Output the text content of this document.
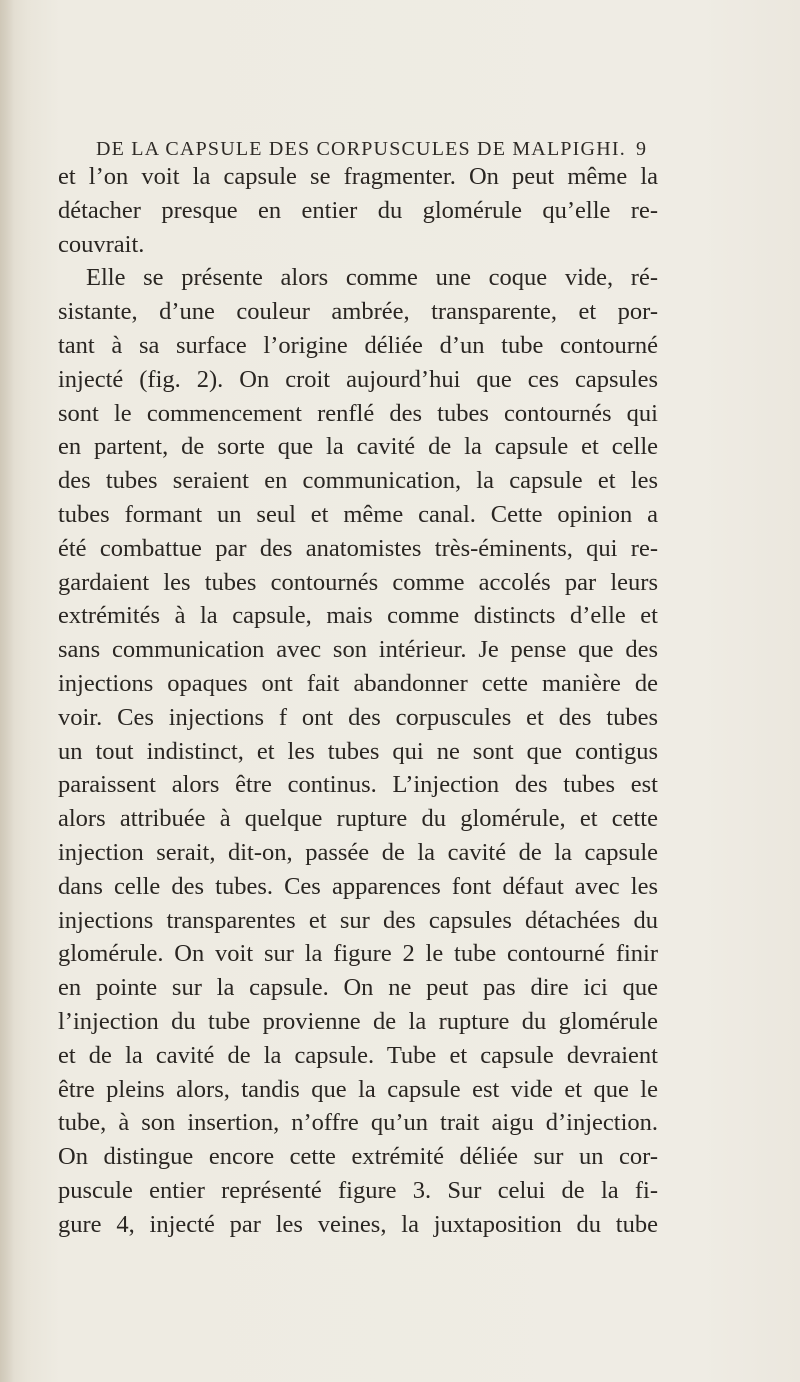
DE LA CAPSULE DES CORPUSCULES DE MALPIGHI. 9
et l’on voit la capsule se fragmenter. On peut même la
détacher presque en entier du glomérule qu’elle re-
couvrait.
Elle se présente alors comme une coque vide, ré-
sistante, d’une couleur ambrée, transparente, et por-
tant à sa surface l’origine déliée d’un tube contourné
injecté (fig. 2). On croit aujourd’hui que ces capsules
sont le commencement renflé des tubes contournés qui
en partent, de sorte que la cavité de la capsule et celle
des tubes seraient en communication, la capsule et les
tubes formant un seul et même canal. Cette opinion a
été combattue par des anatomistes très-éminents, qui re-
gardaient les tubes contournés comme accolés par leurs
extrémités à la capsule, mais comme distincts d’elle et
sans communication avec son intérieur. Je pense que des
injections opaques ont fait abandonner cette manière de
voir. Ces injections f ont des corpuscules et des tubes
un tout indistinct, et les tubes qui ne sont que contigus
paraissent alors être continus. L’injection des tubes est
alors attribuée à quelque rupture du glomérule, et cette
injection serait, dit-on, passée de la cavité de la capsule
dans celle des tubes. Ces apparences font défaut avec les
injections transparentes et sur des capsules détachées du
glomérule. On voit sur la figure 2 le tube contourné finir
en pointe sur la capsule. On ne peut pas dire ici que
l’injection du tube provienne de la rupture du glomérule
et de la cavité de la capsule. Tube et capsule devraient
être pleins alors, tandis que la capsule est vide et que le
tube, à son insertion, n’offre qu’un trait aigu d’injection.
On distingue encore cette extrémité déliée sur un cor-
puscule entier représenté figure 3. Sur celui de la fi-
gure 4, injecté par les veines, la juxtaposition du tube
